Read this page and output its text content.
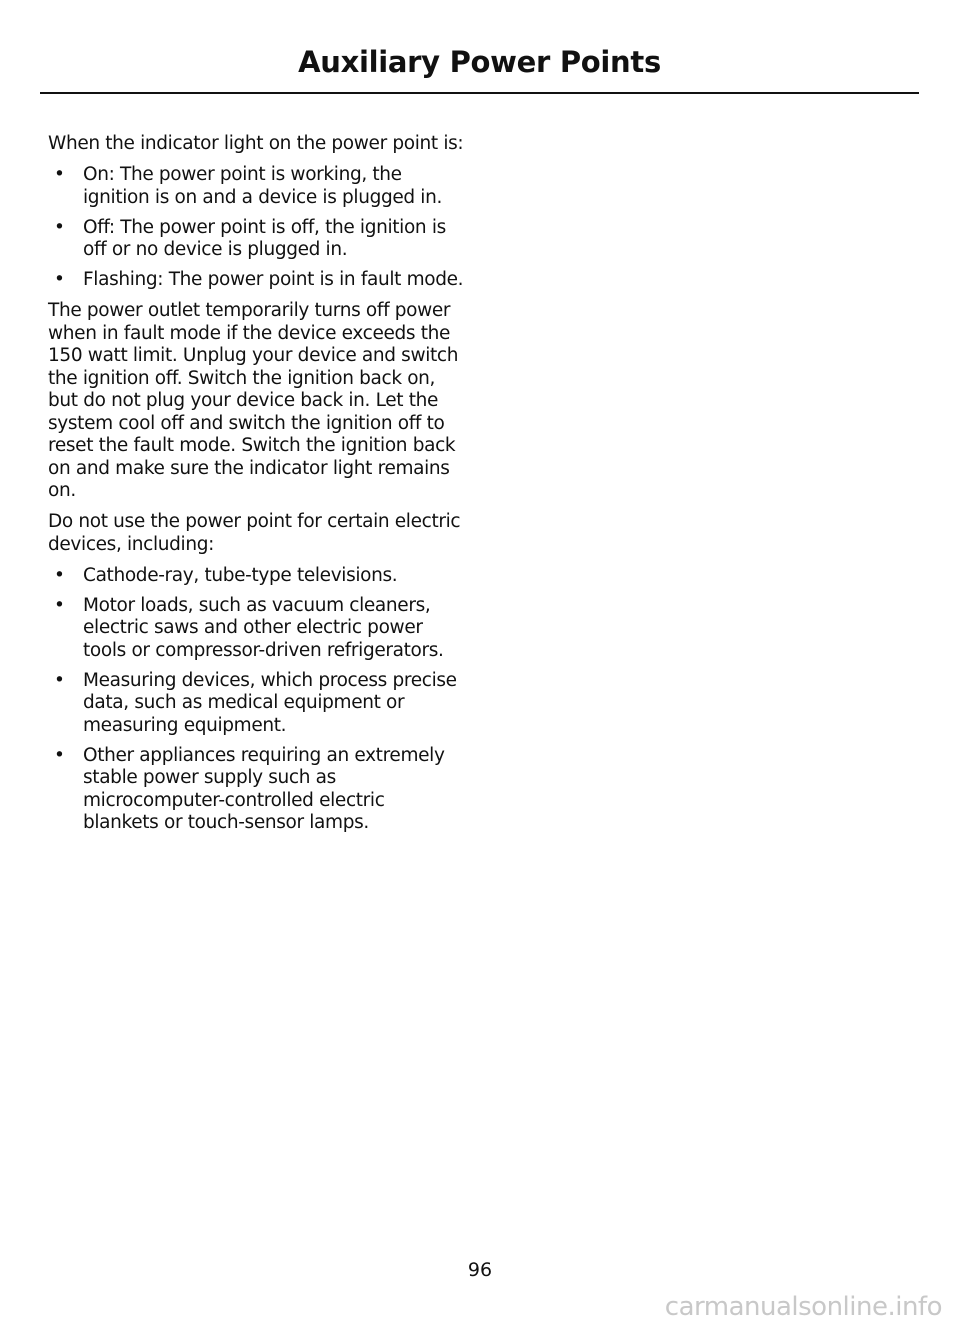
Auxiliary Power Points

When the indicator light on the power point is:

• On: The power point is working, the ignition is on and a device is plugged in.
• Off: The power point is off, the ignition is off or no device is plugged in.
• Flashing: The power point is in fault mode.

The power outlet temporarily turns off power when in fault mode if the device exceeds the 150 watt limit. Unplug your device and switch the ignition off. Switch the ignition back on, but do not plug your device back in. Let the system cool off and switch the ignition off to reset the fault mode. Switch the ignition back on and make sure the indicator light remains on.

Do not use the power point for certain electric devices, including:

• Cathode-ray, tube-type televisions.
• Motor loads, such as vacuum cleaners, electric saws and other electric power tools or compressor-driven refrigerators.
• Measuring devices, which process precise data, such as medical equipment or measuring equipment.
• Other appliances requiring an extremely stable power supply such as microcomputer-controlled electric blankets or touch-sensor lamps.
96
carmanualsonline.info
